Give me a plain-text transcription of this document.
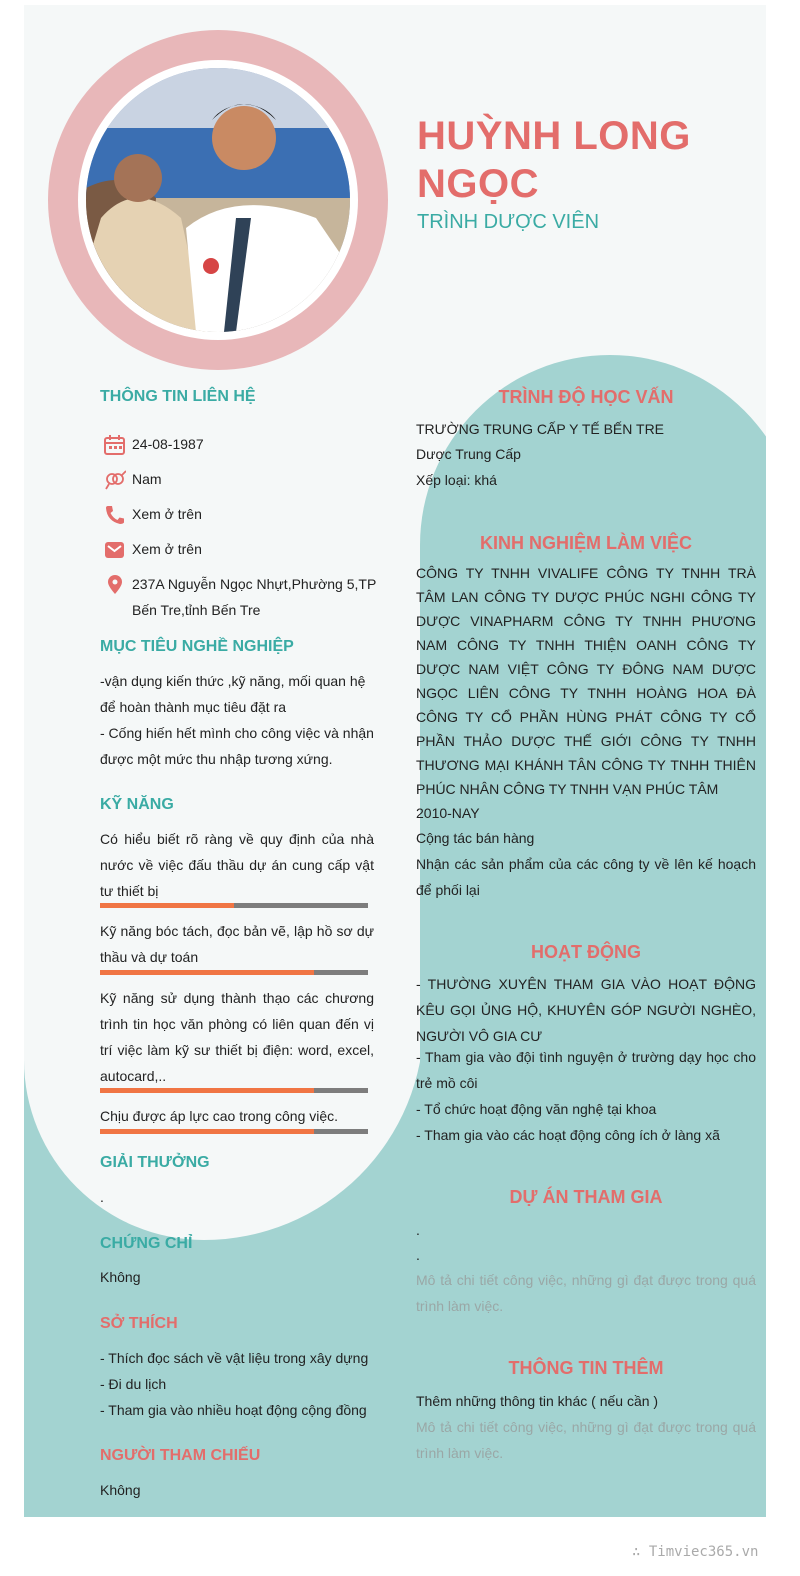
HUỲNH LONG NGỌC
TRÌNH DƯỢC VIÊN
THÔNG TIN LIÊN HỆ
24-08-1987
Nam
Xem ở trên
Xem ở trên
237A Nguyễn Ngọc Nhựt,Phường 5,TP Bến Tre,tỉnh Bến Tre
MỤC TIÊU NGHỀ NGHIỆP
-vận dụng kiến thức ,kỹ năng, mối quan hệ để hoàn thành mục tiêu đặt ra
- Cống hiến hết mình cho công việc và nhận được một mức thu nhập tương xứng.
KỸ NĂNG
Có hiểu biết rõ ràng về quy định của nhà nước về việc đấu thầu dự án cung cấp vật tư thiết bị
Kỹ năng bóc tách, đọc bản vẽ, lập hồ sơ dự thầu và dự toán
Kỹ năng sử dụng thành thạo các chương trình tin học văn phòng có liên quan đến vị trí việc làm kỹ sư thiết bị điện: word, excel, autocard,..
Chịu được áp lực cao trong công việc.
GIẢI THƯỞNG
.
CHỨNG CHỈ
Không
SỞ THÍCH
- Thích đọc sách về vật liệu trong xây dựng
- Đi du lịch
- Tham gia vào nhiều hoạt động cộng đồng
NGƯỜI THAM CHIẾU
Không
TRÌNH ĐỘ HỌC VẤN
TRƯỜNG TRUNG CẤP Y TẾ BẾN TRE
Dược Trung Cấp
Xếp loại: khá
KINH NGHIỆM LÀM VIỆC
CÔNG TY TNHH VIVALIFE CÔNG TY TNHH TRÀ TÂM LAN CÔNG TY DƯỢC PHÚC NGHI CÔNG TY DƯỢC VINAPHARM CÔNG TY TNHH PHƯƠNG NAM CÔNG TY TNHH THIỆN OANH CÔNG TY DƯỢC NAM VIỆT CÔNG TY ĐÔNG NAM DƯỢC NGỌC LIÊN CÔNG TY TNHH HOÀNG HOA ĐÀ CÔNG TY CỔ PHẦN HÙNG PHÁT CÔNG TY CỔ PHẦN THẢO DƯỢC THẾ GIỚI CÔNG TY TNHH THƯƠNG MẠI KHÁNH TÂN CÔNG TY TNHH THIÊN PHÚC NHÂN CÔNG TY TNHH VẠN PHÚC TÂM
2010-NAY
Cộng tác bán hàng
Nhận các sản phẩm của các công ty về lên kế hoạch để phối lại
HOẠT ĐỘNG
- THƯỜNG XUYÊN THAM GIA VÀO HOẠT ĐỘNG KÊU GỌI ỦNG HỘ, KHUYÊN GÓP NGƯỜI NGHÈO, NGƯỜI VÔ GIA CƯ
- Tham gia vào đội tình nguyện ở trường dạy học cho trẻ mồ côi
- Tổ chức hoạt động văn nghệ tại khoa
- Tham gia vào các hoạt động công ích ở làng xã
DỰ ÁN THAM GIA
.
.
Mô tả chi tiết công việc, những gì đạt được trong quá trình làm việc.
THÔNG TIN THÊM
Thêm những thông tin khác ( nếu cần )
Mô tả chi tiết công việc, những gì đạt được trong quá trình làm việc.
∴ Timviec365.vn
